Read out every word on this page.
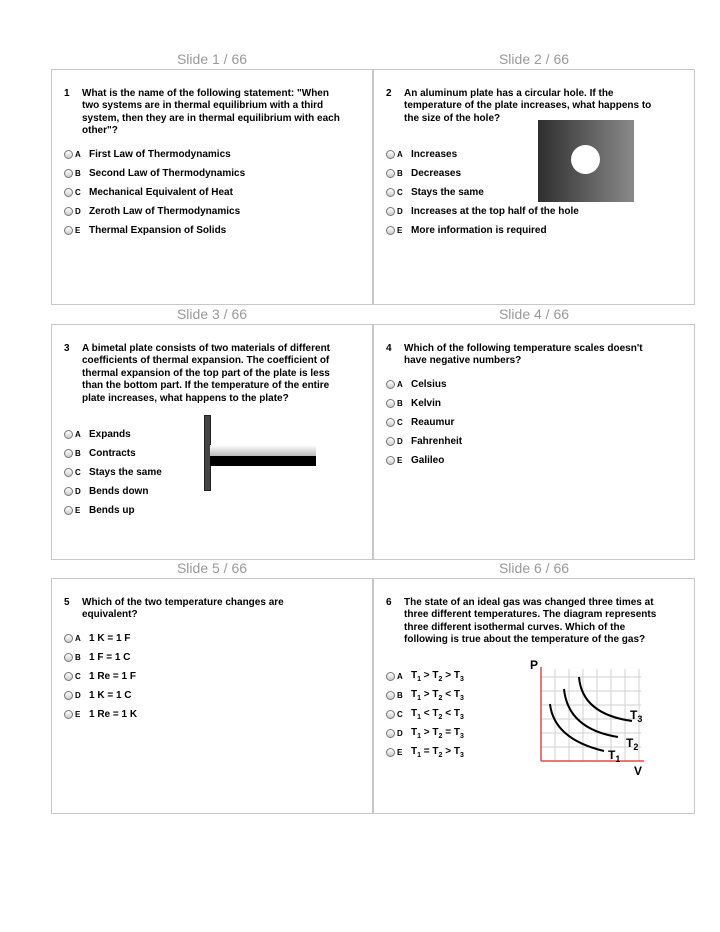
Slide 1 / 66
1	What is the name of the following statement: "When two systems are in thermal equilibrium with a third system, then they are in thermal equilibrium with each other"?
A First Law of Thermodynamics
B Second Law of Thermodynamics
C Mechanical Equivalent of Heat
D Zeroth Law of Thermodynamics
E Thermal Expansion of Solids
Slide 2 / 66
2	An aluminum plate has a circular hole. If the temperature of the plate increases, what happens to the size of the hole?
A Increases
B Decreases
C Stays the same
D Increases at the top half of the hole
E More information is required
Slide 3 / 66
3	A bimetal plate consists of two materials of different coefficients of thermal expansion. The coefficient of thermal expansion of the top part of the plate is less than the bottom part. If the temperature of the entire plate increases, what happens to the plate?
A Expands
B Contracts
C Stays the same
D Bends down
E Bends up
Slide 4 / 66
4	Which of the following temperature scales doesn't have negative numbers?
A Celsius
B Kelvin
C Reaumur
D Fahrenheit
E Galileo
Slide 5 / 66
5	Which of the two temperature changes are equivalent?
A 1 K = 1 F
B 1 F = 1 C
C 1 Re = 1 F
D 1 K = 1 C
E 1 Re = 1 K
Slide 6 / 66
6	The state of an ideal gas was changed three times at three different temperatures. The diagram represents three different isothermal curves. Which of the following is true about the temperature of the gas?
P
V
$T_1$
$T_2$
$T_3$
A $T_1 > T_2 > T_3$
B $T_1 > T_2 < T_3$
C $T_1 < T_2 < T_3$
D $T_1 > T_2 = T_3$
E $T_1 = T_2 > T_3$
